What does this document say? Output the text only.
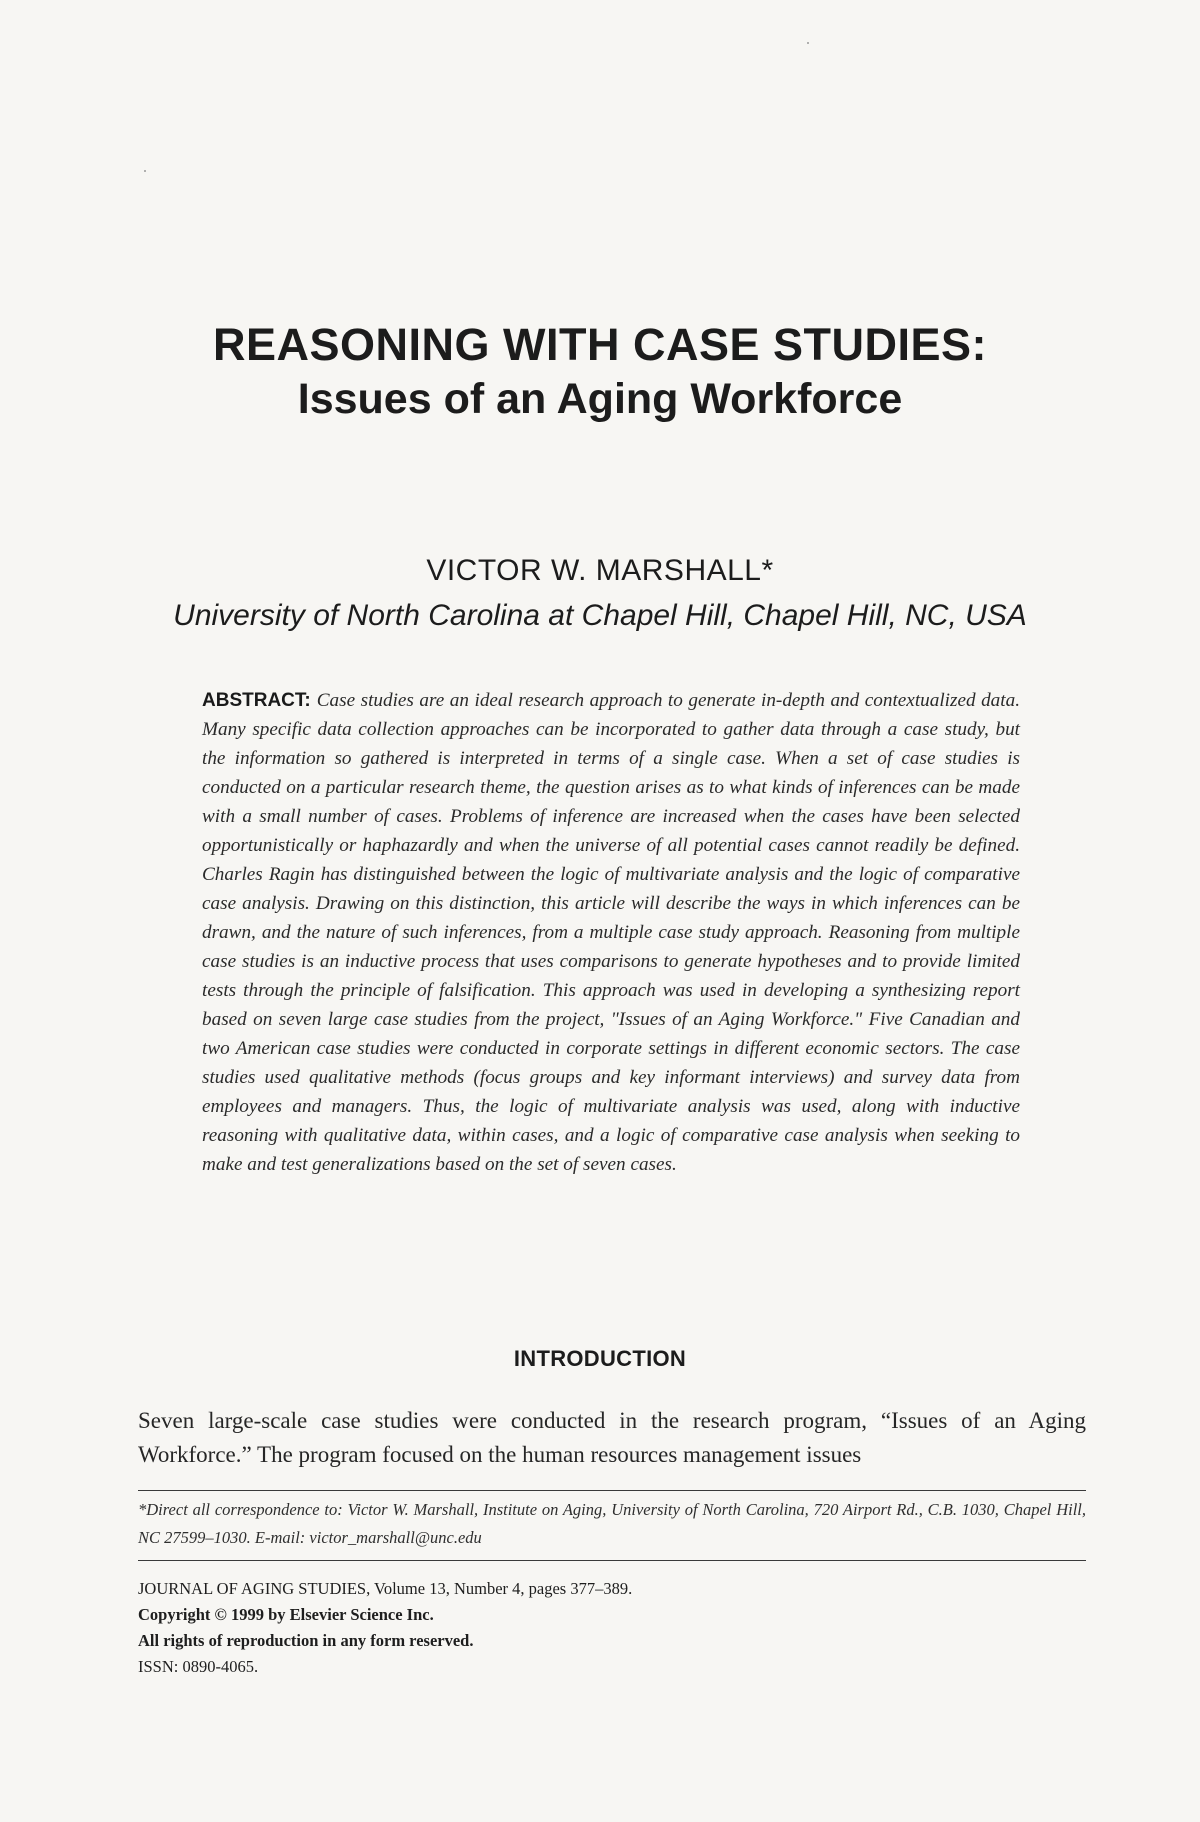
REASONING WITH CASE STUDIES:
Issues of an Aging Workforce
VICTOR W. MARSHALL*
University of North Carolina at Chapel Hill, Chapel Hill, NC, USA
ABSTRACT: Case studies are an ideal research approach to generate in-depth and contextualized data. Many specific data collection approaches can be incorporated to gather data through a case study, but the information so gathered is interpreted in terms of a single case. When a set of case studies is conducted on a particular research theme, the question arises as to what kinds of inferences can be made with a small number of cases. Problems of inference are increased when the cases have been selected opportunistically or haphazardly and when the universe of all potential cases cannot readily be defined. Charles Ragin has distinguished between the logic of multivariate analysis and the logic of comparative case analysis. Drawing on this distinction, this article will describe the ways in which inferences can be drawn, and the nature of such inferences, from a multiple case study approach. Reasoning from multiple case studies is an inductive process that uses comparisons to generate hypotheses and to provide limited tests through the principle of falsification. This approach was used in developing a synthesizing report based on seven large case studies from the project, "Issues of an Aging Workforce." Five Canadian and two American case studies were conducted in corporate settings in different economic sectors. The case studies used qualitative methods (focus groups and key informant interviews) and survey data from employees and managers. Thus, the logic of multivariate analysis was used, along with inductive reasoning with qualitative data, within cases, and a logic of comparative case analysis when seeking to make and test generalizations based on the set of seven cases.
INTRODUCTION
Seven large-scale case studies were conducted in the research program, “Issues of an Aging Workforce.” The program focused on the human resources management issues
*Direct all correspondence to: Victor W. Marshall, Institute on Aging, University of North Carolina, 720 Airport Rd., C.B. 1030, Chapel Hill, NC 27599–1030. E-mail: victor_marshall@unc.edu
JOURNAL OF AGING STUDIES, Volume 13, Number 4, pages 377–389.
Copyright © 1999 by Elsevier Science Inc.
All rights of reproduction in any form reserved.
ISSN: 0890-4065.
